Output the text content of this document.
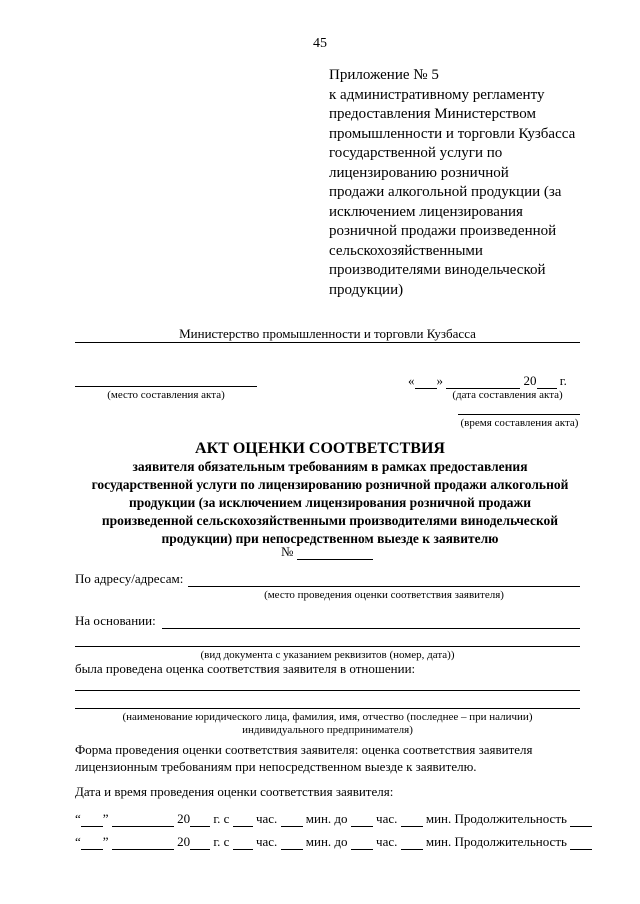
45
Приложение № 5
к административному регламенту
предоставления Министерством
промышленности и торговли Кузбасса
государственной услуги по
лицензированию розничной
продажи алкогольной продукции (за
исключением лицензирования
розничной продажи произведенной
сельскохозяйственными
производителями винодельческой
продукции)
Министерство промышленности и торговли Кузбасса
(место составления акта)
« »	20 г.
(дата составления акта)
(время составления акта)
АКТ ОЦЕНКИ СООТВЕТСТВИЯ
заявителя обязательным требованиям в рамках предоставления
государственной услуги по лицензированию розничной продажи алкогольной
продукции (за исключением лицензирования розничной продажи
произведенной сельскохозяйственными производителями винодельческой
продукции) при непосредственном выезде к заявителю
№
По адресу/адресам:
(место проведения оценки соответствия заявителя)
На основании:
(вид документа с указанием реквизитов (номер, дата))
была проведена оценка соответствия заявителя в отношении:
(наименование юридического лица, фамилия, имя, отчество (последнее – при наличии)
индивидуального предпринимателя)
Форма проведения оценки соответствия заявителя: оценка соответствия заявителя
лицензионным требованиям при непосредственном выезде к заявителю.
Дата и время проведения оценки соответствия заявителя:
“ ”	20 г. с час. мин. до час. мин. Продолжительность
“ ”	20 г. с час. мин. до час. мин. Продолжительность
